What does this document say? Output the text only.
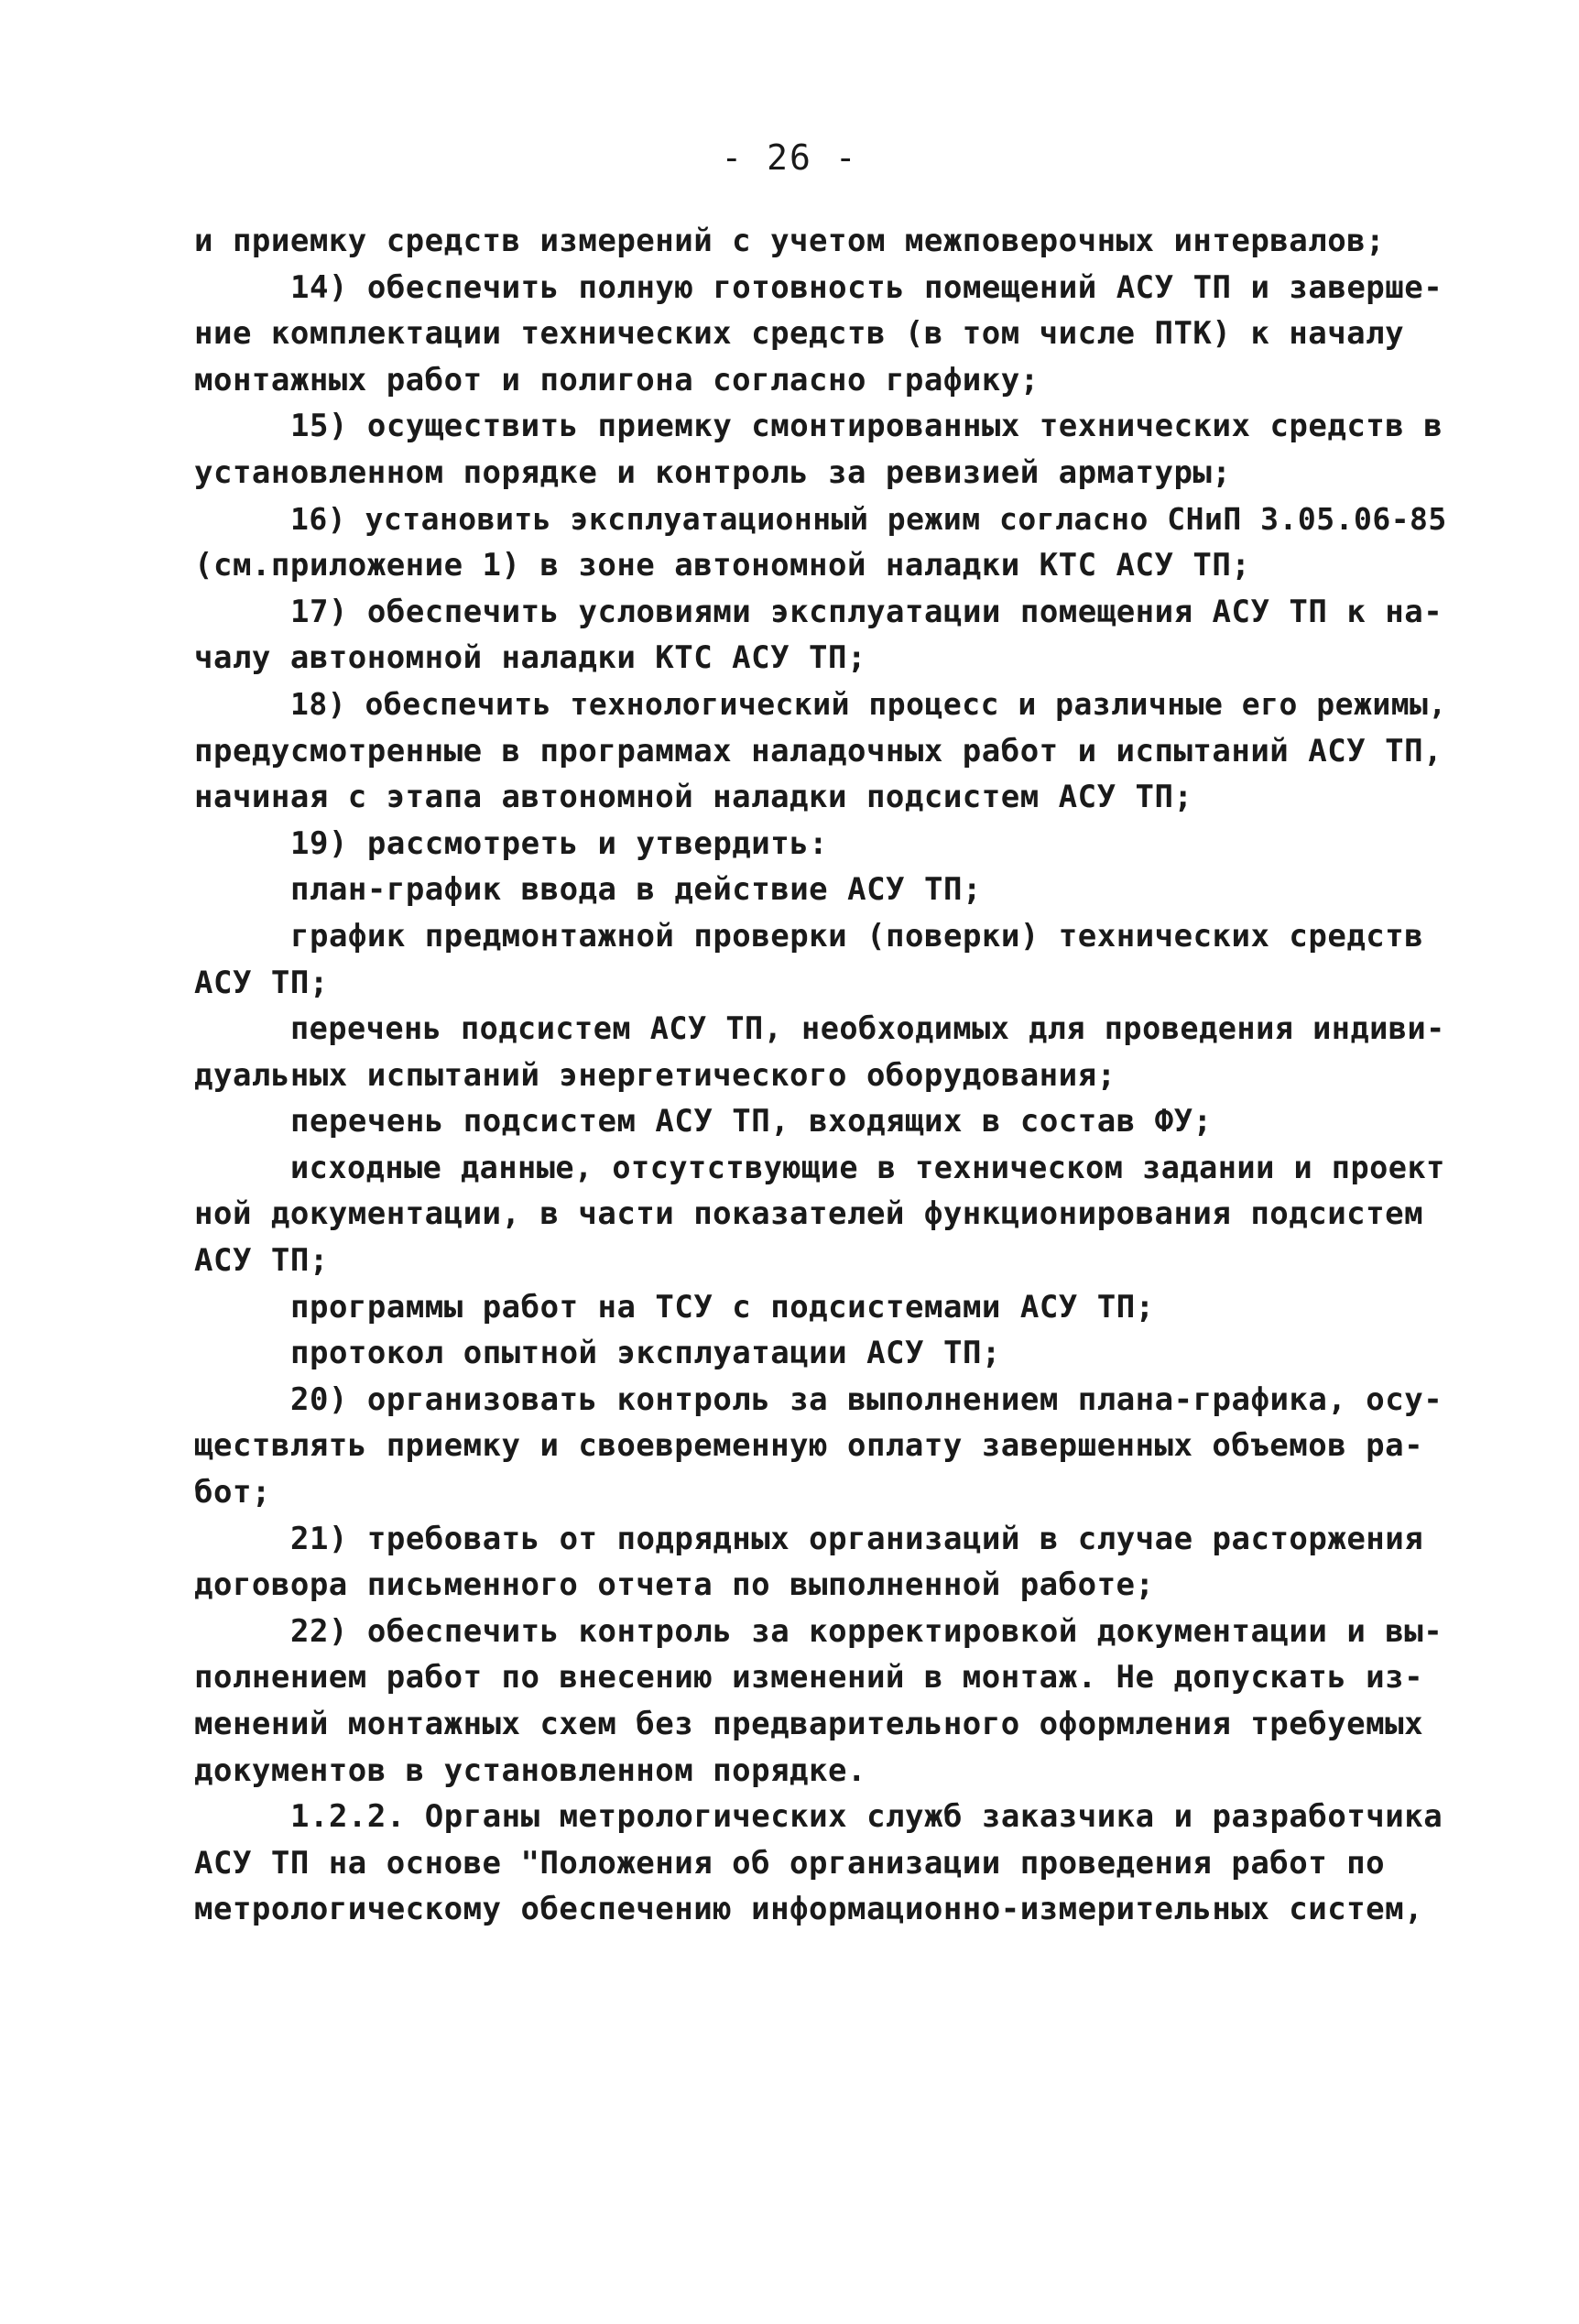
- 26 -
и приемку средств измерений с учетом межповерочных интервалов;
14) обеспечить полную готовность помещений АСУ ТП и заверше-
ние комплектации технических средств (в том числе ПТК) к началу
монтажных работ и полигона согласно графику;
15) осуществить приемку смонтированных технических средств в
установленном порядке и контроль за ревизией арматуры;
16) установить эксплуатационный режим согласно СНиП 3.05.06-85
(см.приложение 1) в зоне автономной наладки КТС АСУ ТП;
17) обеспечить условиями эксплуатации помещения АСУ ТП к на-
чалу автономной наладки КТС АСУ ТП;
18) обеспечить технологический процесс и различные его режимы,
предусмотренные в программах наладочных работ и испытаний АСУ ТП,
начиная с этапа автономной наладки подсистем АСУ ТП;
19) рассмотреть и утвердить:
план-график ввода в действие АСУ ТП;
график предмонтажной проверки (поверки) технических средств
АСУ ТП;
перечень подсистем АСУ ТП, необходимых для проведения индиви-
дуальных испытаний энергетического оборудования;
перечень подсистем АСУ ТП, входящих в состав ФУ;
исходные данные, отсутствующие в техническом задании и проект
ной документации, в части показателей функционирования подсистем
АСУ ТП;
программы работ на ТСУ с подсистемами АСУ ТП;
протокол опытной эксплуатации АСУ ТП;
20) организовать контроль за выполнением плана-графика, осу-
ществлять приемку и своевременную оплату завершенных объемов ра-
бот;
21) требовать от подрядных организаций в случае расторжения
договора письменного отчета по выполненной работе;
22) обеспечить контроль за корректировкой документации и вы-
полнением работ по внесению изменений в монтаж. Не допускать из-
менений монтажных схем без предварительного оформления требуемых
документов в установленном порядке.
1.2.2. Органы метрологических служб заказчика и разработчика
АСУ ТП на основе "Положения об организации проведения работ по
метрологическому обеспечению информационно-измерительных систем,
